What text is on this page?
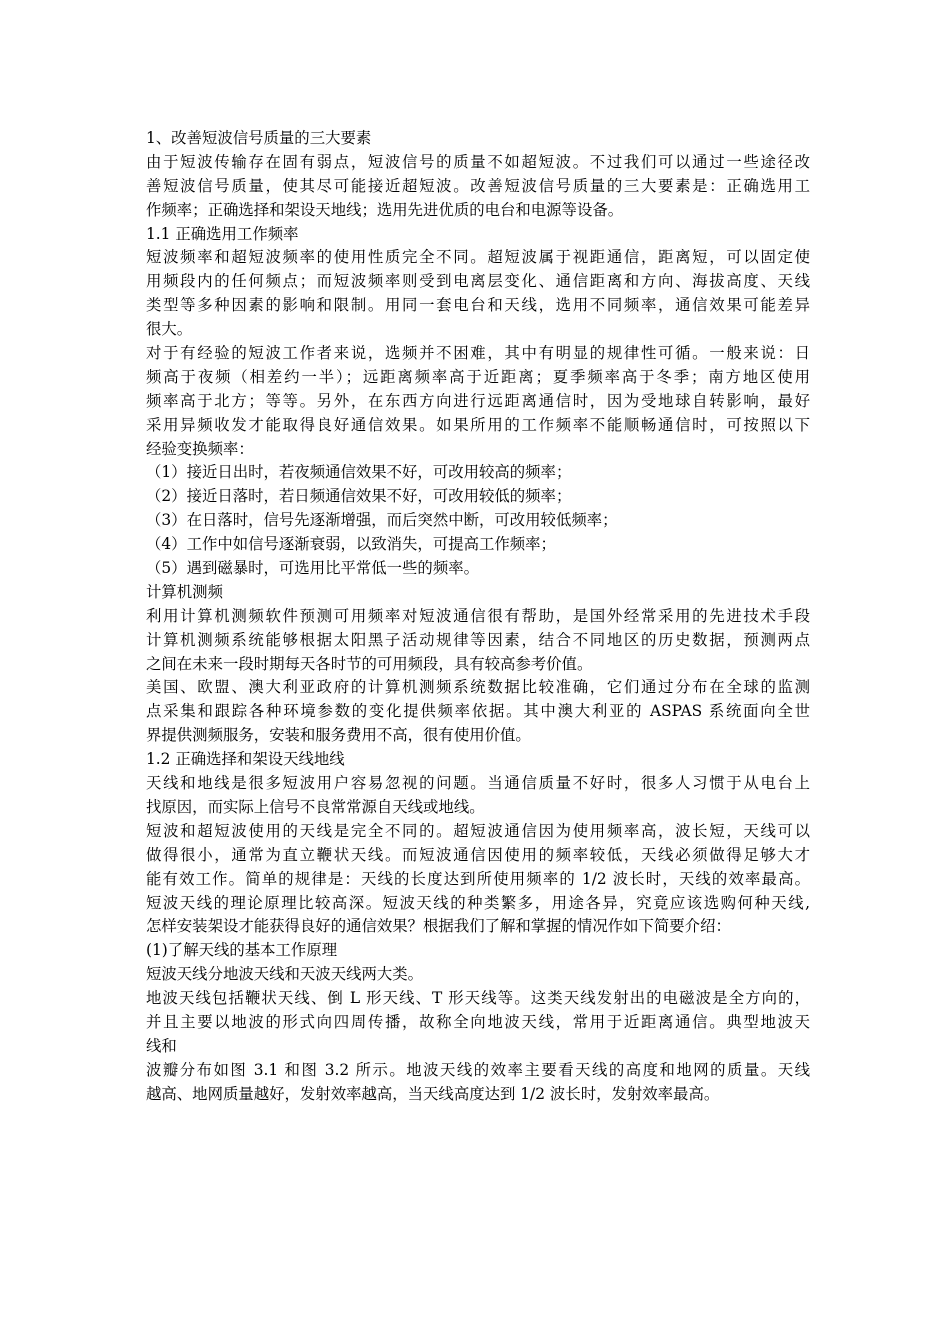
1、改善短波信号质量的三大要素
由于短波传输存在固有弱点，短波信号的质量不如超短波。不过我们可以通过一些途径改
善短波信号质量，使其尽可能接近超短波。改善短波信号质量的三大要素是：正确选用工
作频率；正确选择和架设天地线；选用先进优质的电台和电源等设备。
1.1 正确选用工作频率
短波频率和超短波频率的使用性质完全不同。超短波属于视距通信，距离短，可以固定使
用频段内的任何频点；而短波频率则受到电离层变化、通信距离和方向、海拔高度、天线
类型等多种因素的影响和限制。用同一套电台和天线，选用不同频率，通信效果可能差异
很大。
对于有经验的短波工作者来说，选频并不困难，其中有明显的规律性可循。一般来说：日
频高于夜频（相差约一半）；远距离频率高于近距离；夏季频率高于冬季；南方地区使用
频率高于北方；等等。另外，在东西方向进行远距离通信时，因为受地球自转影响，最好
采用异频收发才能取得良好通信效果。如果所用的工作频率不能顺畅通信时，可按照以下
经验变换频率：
（1）接近日出时，若夜频通信效果不好，可改用较高的频率；
（2）接近日落时，若日频通信效果不好，可改用较低的频率；
（3）在日落时，信号先逐渐增强，而后突然中断，可改用较低频率；
（4）工作中如信号逐渐衰弱，以致消失，可提高工作频率；
（5）遇到磁暴时，可选用比平常低一些的频率。
计算机测频
利用计算机测频软件预测可用频率对短波通信很有帮助，是国外经常采用的先进技术手段
计算机测频系统能够根据太阳黑子活动规律等因素，结合不同地区的历史数据，预测两点
之间在未来一段时期每天各时节的可用频段，具有较高参考价值。
美国、欧盟、澳大利亚政府的计算机测频系统数据比较准确，它们通过分布在全球的监测
点采集和跟踪各种环境参数的变化提供频率依据。其中澳大利亚的 ASPAS 系统面向全世
界提供测频服务，安装和服务费用不高，很有使用价值。
1.2 正确选择和架设天线地线
天线和地线是很多短波用户容易忽视的问题。当通信质量不好时，很多人习惯于从电台上
找原因，而实际上信号不良常常源自天线或地线。
短波和超短波使用的天线是完全不同的。超短波通信因为使用频率高，波长短，天线可以
做得很小，通常为直立鞭状天线。而短波通信因使用的频率较低，天线必须做得足够大才
能有效工作。简单的规律是：天线的长度达到所使用频率的 1/2 波长时，天线的效率最高。
短波天线的理论原理比较高深。短波天线的种类繁多，用途各异，究竟应该选购何种天线,
怎样安装架设才能获得良好的通信效果？根据我们了解和掌握的情况作如下简要介绍：
(1)了解天线的基本工作原理
短波天线分地波天线和天波天线两大类。
地波天线包括鞭状天线、倒 L 形天线、T 形天线等。这类天线发射出的电磁波是全方向的，
并且主要以地波的形式向四周传播，故称全向地波天线，常用于近距离通信。典型地波天
线和
波瓣分布如图 3.1 和图 3.2 所示。地波天线的效率主要看天线的高度和地网的质量。天线
越高、地网质量越好，发射效率越高，当天线高度达到 1/2 波长时，发射效率最高。
